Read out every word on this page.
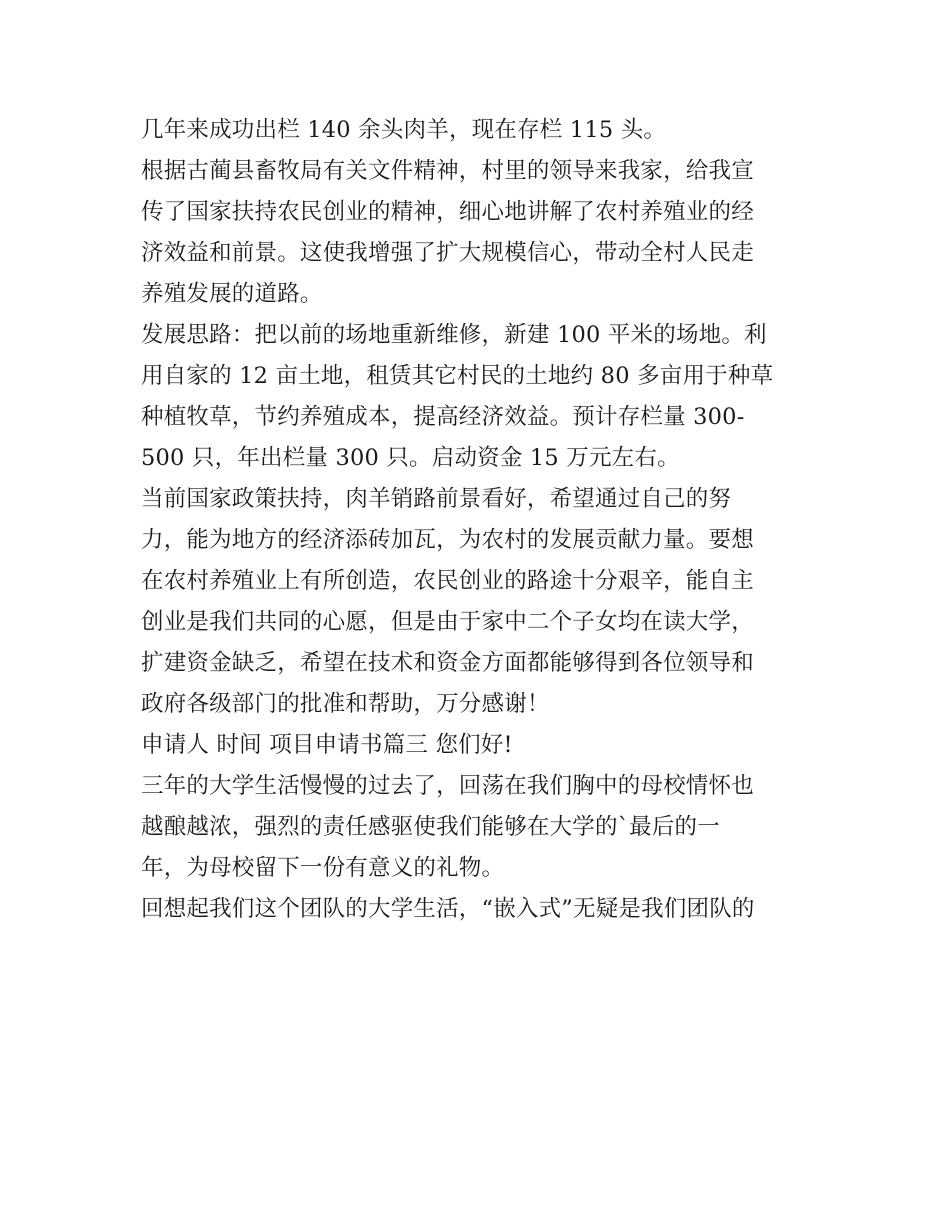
几年来成功出栏 140 余头肉羊，现在存栏 115 头。
根据古蔺县畜牧局有关文件精神，村里的领导来我家，给我宣
传了国家扶持农民创业的精神，细心地讲解了农村养殖业的经
济效益和前景。这使我增强了扩大规模信心，带动全村人民走
养殖发展的道路。
发展思路：把以前的场地重新维修，新建 100 平米的场地。利
用自家的 12 亩土地，租赁其它村民的土地约 80 多亩用于种草
种植牧草，节约养殖成本，提高经济效益。预计存栏量 300-
500 只，年出栏量 300 只。启动资金 15 万元左右。
当前国家政策扶持，肉羊销路前景看好，希望通过自己的努
力，能为地方的经济添砖加瓦，为农村的发展贡献力量。要想
在农村养殖业上有所创造，农民创业的路途十分艰辛，能自主
创业是我们共同的心愿，但是由于家中二个子女均在读大学，
扩建资金缺乏，希望在技术和资金方面都能够得到各位领导和
政府各级部门的批准和帮助，万分感谢！
申请人 时间 项目申请书篇三 您们好!
三年的大学生活慢慢的过去了，回荡在我们胸中的母校情怀也
越酿越浓，强烈的责任感驱使我们能够在大学的`最后的一
年，为母校留下一份有意义的礼物。
回想起我们这个团队的大学生活，“嵌入式”无疑是我们团队的
